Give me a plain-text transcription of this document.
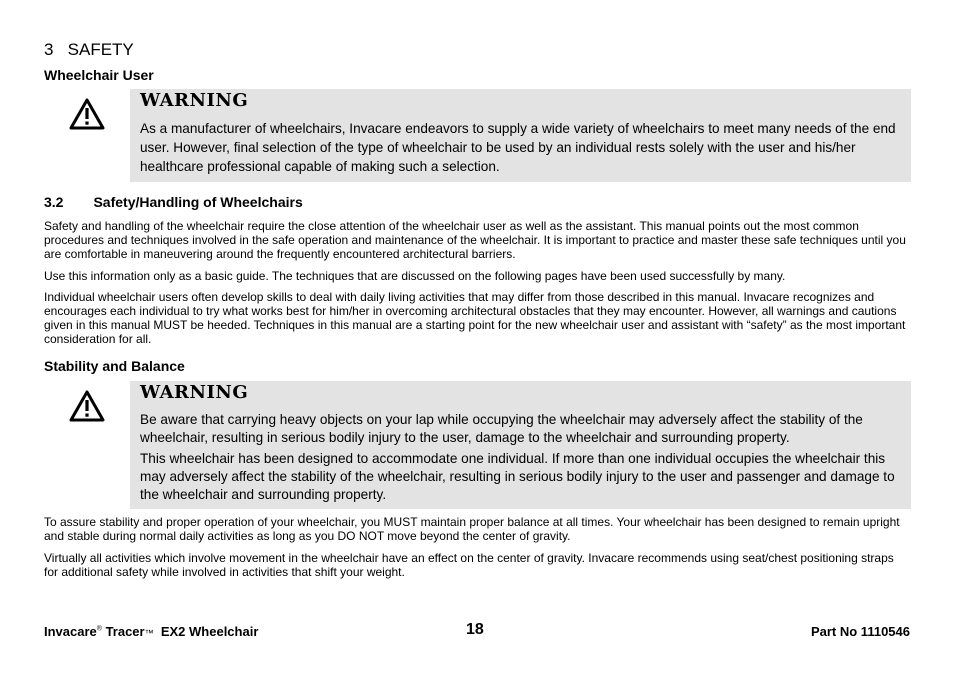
3 SAFETY
Wheelchair User
WARNING
As a manufacturer of wheelchairs, Invacare endeavors to supply a wide variety of wheelchairs to meet many needs of the end user. However, final selection of the type of wheelchair to be used by an individual rests solely with the user and his/her healthcare professional capable of making such a selection.
3.2 Safety/Handling of Wheelchairs
Safety and handling of the wheelchair require the close attention of the wheelchair user as well as the assistant. This manual points out the most common procedures and techniques involved in the safe operation and maintenance of the wheelchair. It is important to practice and master these safe techniques until you are comfortable in maneuvering around the frequently encountered architectural barriers.
Use this information only as a basic guide. The techniques that are discussed on the following pages have been used successfully by many.
Individual wheelchair users often develop skills to deal with daily living activities that may differ from those described in this manual. Invacare recognizes and encourages each individual to try what works best for him/her in overcoming architectural obstacles that they may encounter. However, all warnings and cautions given in this manual MUST be heeded. Techniques in this manual are a starting point for the new wheelchair user and assistant with “safety” as the most important consideration for all.
Stability and Balance
WARNING
Be aware that carrying heavy objects on your lap while occupying the wheelchair may adversely affect the stability of the wheelchair, resulting in serious bodily injury to the user, damage to the wheelchair and surrounding property.
This wheelchair has been designed to accommodate one individual. If more than one individual occupies the wheelchair this may adversely affect the stability of the wheelchair, resulting in serious bodily injury to the user and passenger and damage to the wheelchair and surrounding property.
To assure stability and proper operation of your wheelchair, you MUST maintain proper balance at all times. Your wheelchair has been designed to remain upright and stable during normal daily activities as long as you DO NOT move beyond the center of gravity.
Virtually all activities which involve movement in the wheelchair have an effect on the center of gravity. Invacare recommends using seat/chest positioning straps for additional safety while involved in activities that shift your weight.
Invacare® Tracer™ EX2 Wheelchair	18	Part No 1110546
